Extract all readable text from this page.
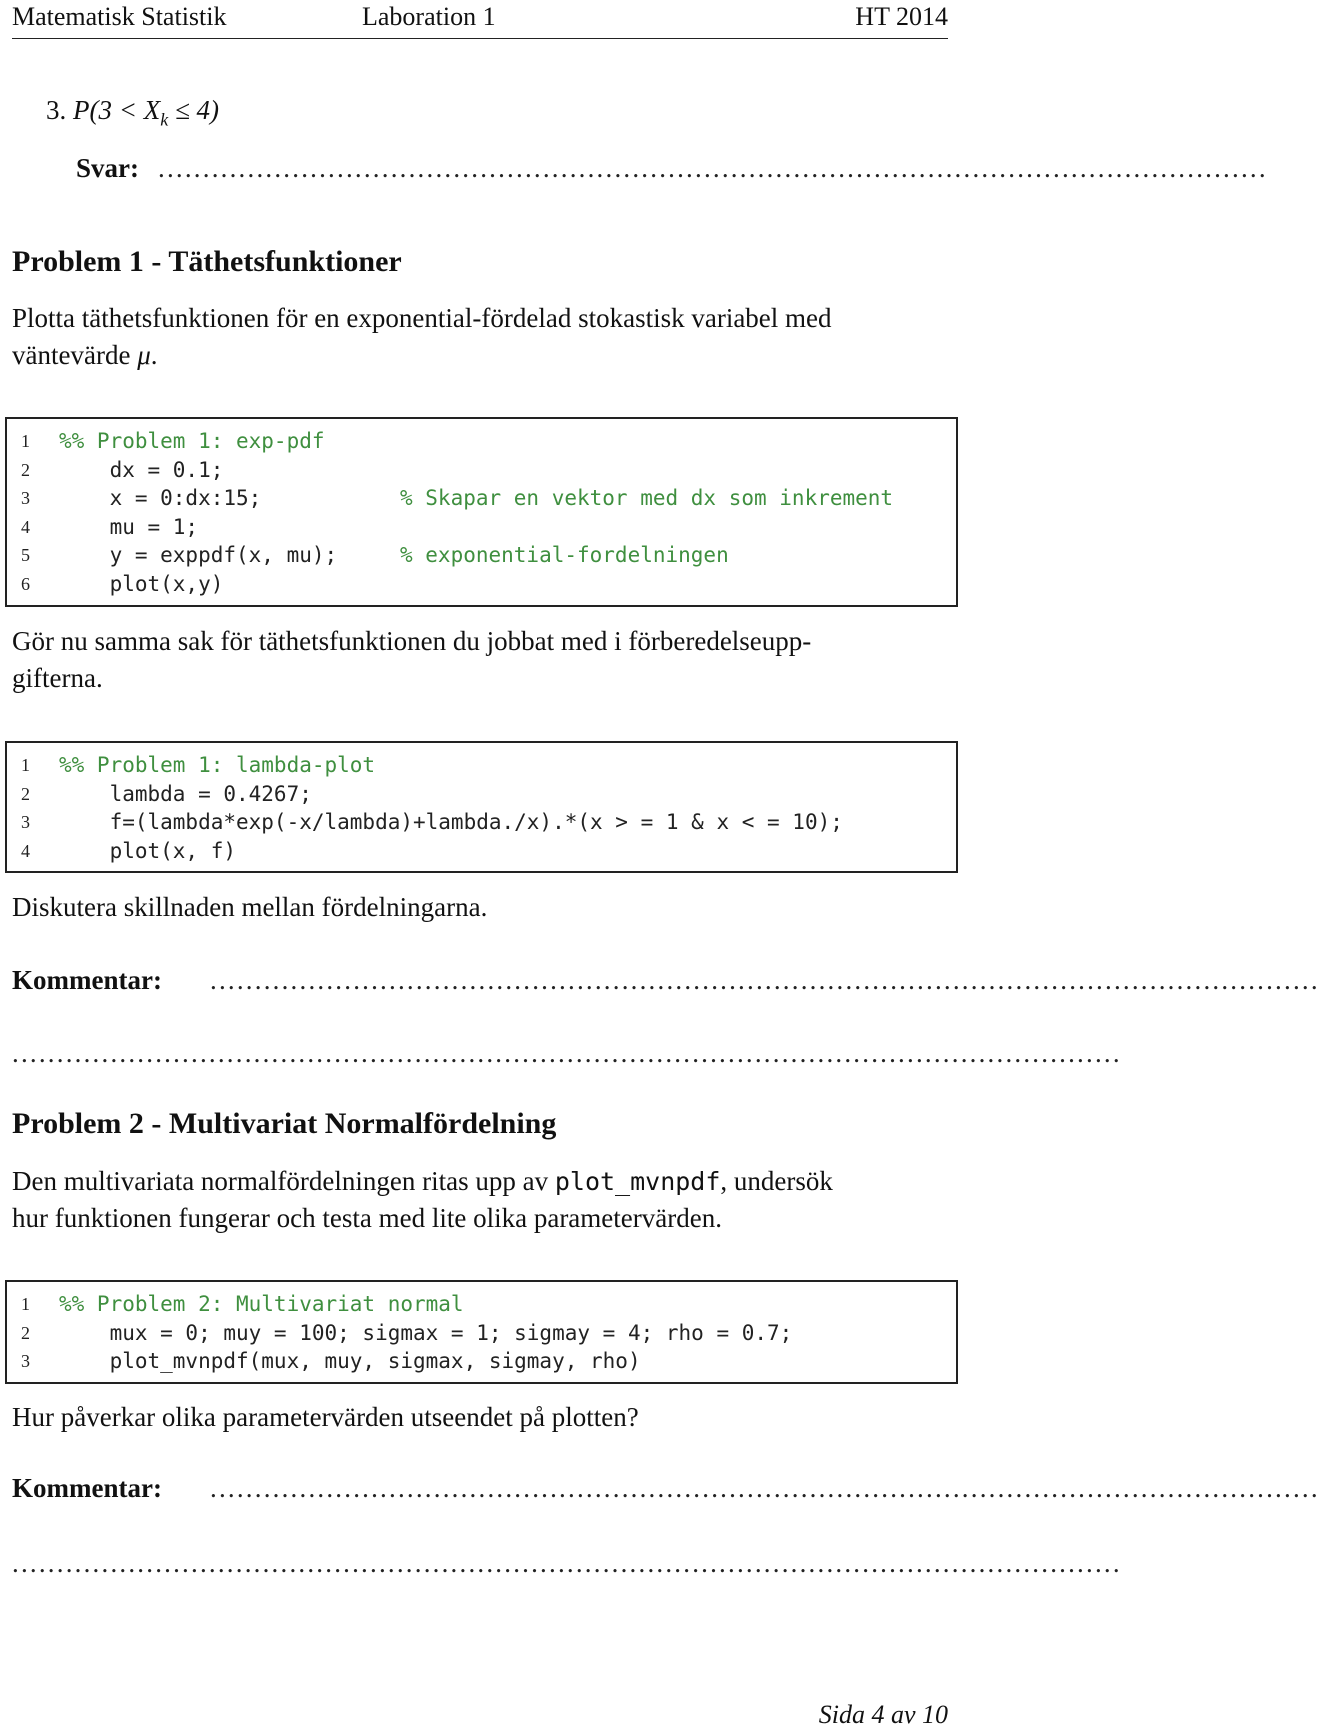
Matematisk Statistik	Laboration 1	HT 2014
3. $P(3 < X_k \le 4)$
Svar: ............................................................................................................................
Problem 1 - Täthetsfunktioner
Plotta täthetsfunktionen för en exponential-fördelad stokastisk variabel med
väntevärde μ.
1	%% Problem 1: exp-pdf
2	dx = 0.1;
3	x = 0:dx:15;	% Skapar en vektor med dx som inkrement
4	mu = 1;
5	y = exppdf(x, mu);	% exponential-fordelningen
6	plot(x,y)
Gör nu samma sak för täthetsfunktionen du jobbat med i förberedelseupp-
gifterna.
1	%% Problem 1: lambda-plot
2	lambda = 0.4267;
3	f=(lambda*exp(-x/lambda)+lambda./x).*(x > = 1 & x < = 10);
4	plot(x, f)
Diskutera skillnaden mellan fördelningarna.
Kommentar: ............................................................................................................................
............................................................................................................................
Problem 2 - Multivariat Normalfördelning
Den multivariata normalfördelningen ritas upp av plot_mvnpdf, undersök
hur funktionen fungerar och testa med lite olika parametervärden.
1	%% Problem 2: Multivariat normal
2	mux = 0; muy = 100; sigmax = 1; sigmay = 4; rho = 0.7;
3	plot_mvnpdf(mux, muy, sigmax, sigmay, rho)
Hur påverkar olika parametervärden utseendet på plotten?
Kommentar: ............................................................................................................................
............................................................................................................................
Sida 4 av 10
